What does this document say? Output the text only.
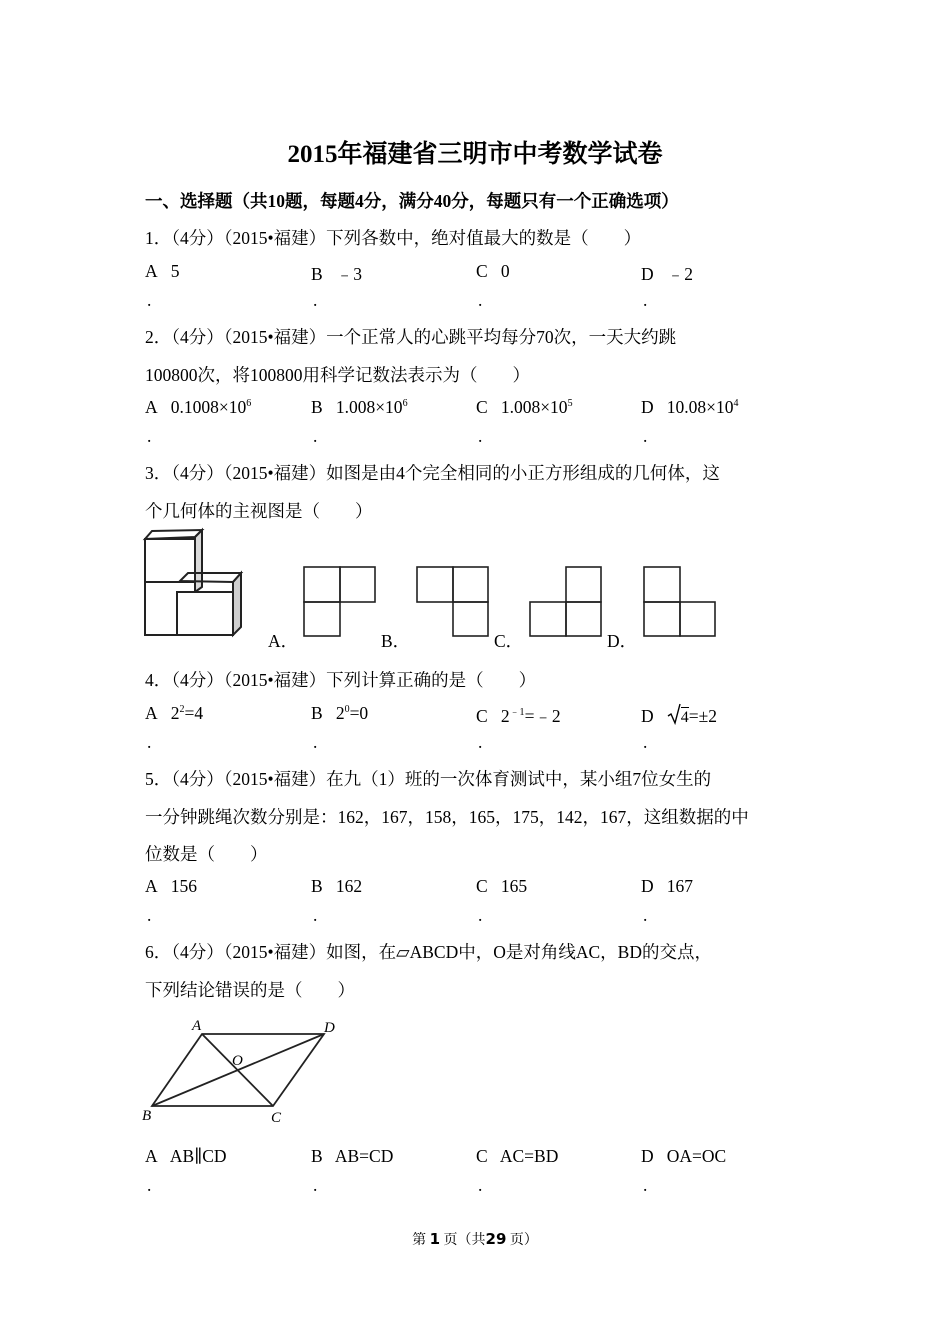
2015年福建省三明市中考数学试卷
一、选择题（共10题，每题4分，满分40分，每题只有一个正确选项）
1．（4分）（2015•福建）下列各数中，绝对值最大的数是（　　）
A 5	B ﹣3	C 0	D ﹣2
.	.	.	.
2．（4分）（2015•福建）一个正常人的心跳平均每分70次，一天大约跳
100800次，将100800用科学记数法表示为（　　）
A $0.1008\times 10^6$	B $1.008\times 10^6$	C $1.008\times 10^5$	D $10.08\times 10^4$
.	.	.	.
3．（4分）（2015•福建）如图是由4个完全相同的小正方形组成的几何体，这
个几何体的主视图是（　　）
A．	B．	C．	D．
4．（4分）（2015•福建）下列计算正确的是（　　）
A $2^2=4$	B $2^0=0$	C $2^{﹣1}=﹣2$	D 4=±2
.	.	.	.
5．（4分）（2015•福建）在九（1）班的一次体育测试中，某小组7位女生的
一分钟跳绳次数分别是：162，167，158，165，175，142，167，这组数据的中
位数是（　　）
A 156	B 162	C 165	D 167
.	.	.	.
6．（4分）（2015•福建）如图，在▱ABCD中，O是对角线AC，BD的交点，
下列结论错误的是（　　）
A	D
O
B	C
A AB∥CD	B AB=CD	C AC=BD	D OA=OC
.	.	.	.
第 1 页（共29 页）
